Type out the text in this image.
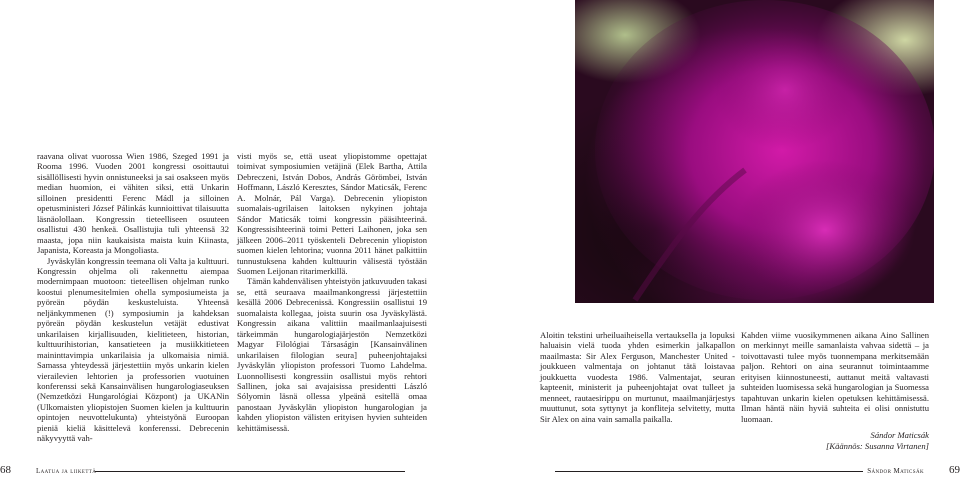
raavana olivat vuorossa Wien 1986, Szeged 1991 ja Rooma 1996. Vuoden 2001 kongressi osoittautui sisällöllisesti hyvin onnistuneeksi ja sai osakseen myös median huomion, ei vähiten siksi, että Unkarin silloinen presidentti Ferenc Mádl ja silloinen opetusministeri József Pálinkás kunnioittivat tilaisuutta läsnäolollaan. Kongressin tieteelliseen osuuteen osallistui 430 henkeä. Osallistujia tuli yhteensä 32 maasta, jopa niin kaukaisista maista kuin Kiinasta, Japanista, Koreasta ja Mongoliasta.

Jyväskylän kongressin teemana oli Valta ja kulttuuri. Kongressin ohjelma oli rakennettu aiempaa modernimpaan muotoon: tieteellisen ohjelman runko koostui plenumesitelmien ohella symposiumeista ja pyöreän pöydän keskusteluista. Yhteensä neljänkymmenen (!) symposiumin ja kahdeksan pyöreän pöydän keskustelun vetäjät edustivat unkarilaisen kirjallisuuden, kielitieteen, historian, kulttuurihistorian, kansatieteen ja musiikkitieteen maininttavimpia unkarilaisia ja ulkomaisia nimiä. Samassa yhteydessä järjestettiin myös unkarin kielen vierailevien lehtorien ja professorien vuotuinen konferenssi sekä Kansainvälisen hungarologiaseuksen (Nemzetközi Hungarológiai Központ) ja UKANin (Ulkomaisten yliopistojen Suomen kielen ja kulttuurin opintojen neuvottelukunta) yhteistyönä Euroopan pieniä kieliä käsittelevä konferenssi. Debrecenin näkyvyyttä vah-

visti myös se, että useat yliopistomme opettajat toimivat symposiumien vetäjinä (Elek Bartha, Attila Debreczeni, István Dobos, András Görömbei, István Hoffmann, László Keresztes, Sándor Maticsák, Ferenc A. Molnár, Pál Varga). Debrecenin yliopiston suomalais-ugrilaisen laitoksen nykyinen johtaja Sándor Maticsák toimi kongressin pääsihteerinä. Kongressisihteerinä toimi Petteri Laihonen, joka sen jälkeen 2006–2011 työskenteli Debrecenin yliopiston suomen kielen lehtorina; vuonna 2011 hänet palkittiin tunnustuksena kahden kulttuurin välisestä työstään Suomen Leijonan ritarimerkillä.

Tämän kahdenvälisen yhteistyön jatkuvuuden takasi se, että seuraava maailmankongressi järjestettiin kesällä 2006 Debrecenissä. Kongressiin osallistui 19 suomalaista kollegaa, joista suurin osa Jyväskylästä. Kongressin aikana valittiin maailmanlaajuisesti tärkeimmän hungarologiajärjestön Nemzetközi Magyar Filológiai Társaságin [Kansainvälinen unkarilaisen filologian seura] puheenjohtajaksi Jyväskylän yliopiston professori Tuomo Lahdelma. Luonnollisesti kongressiin osallistui myös rehtori Sallinen, joka sai avajaisissa presidentti László Sólyomin läsnä ollessa ylpeänä esitellä omaa panostaan Jyväskylän yliopiston hungarologian ja kahden yliopiston välisten erityisen hyvien suhteiden kehittämisessä.

Aloitin tekstini urheiluaiheisella vertauksella ja lopuksi haluaisin vielä tuoda yhden esimerkin jalkapallon maailmasta: Sir Alex Ferguson, Manchester United -joukkueen valmentaja on johtanut tätä loistavaa joukkuetta vuodesta 1986. Valmentajat, seuran kapteenit, ministerit ja puheenjohtajat ovat tulleet ja menneet, rautaesirippu on murtunut, maailmanjärjestys muuttunut, sota syttynyt ja konfliteja selvitetty, mutta Sir Alex on aina vain samalla paikalla.

Kahden viime vuosikymmenen aikana Aino Sallinen on merkinnyt meille samanlaista vahvaa sidettä – ja toivottavasti tulee myös tuonnempana merkitsemään paljon. Rehtori on aina seurannut toimintaamme erityisen kiinnostuneesti, auttanut meitä valtavasti suhteiden luomisessa sekä hungarologian ja Suomessa tapahtuvan unkarin kielen opetuksen kehittämisessä. Ilman häntä näin hyviä suhteita ei olisi onnistuttu luomaan.

Sándor Maticsák

[Käännös: Susanna Virtanen]

68	Laatua ja liikettä	Sándor Maticsák 69
